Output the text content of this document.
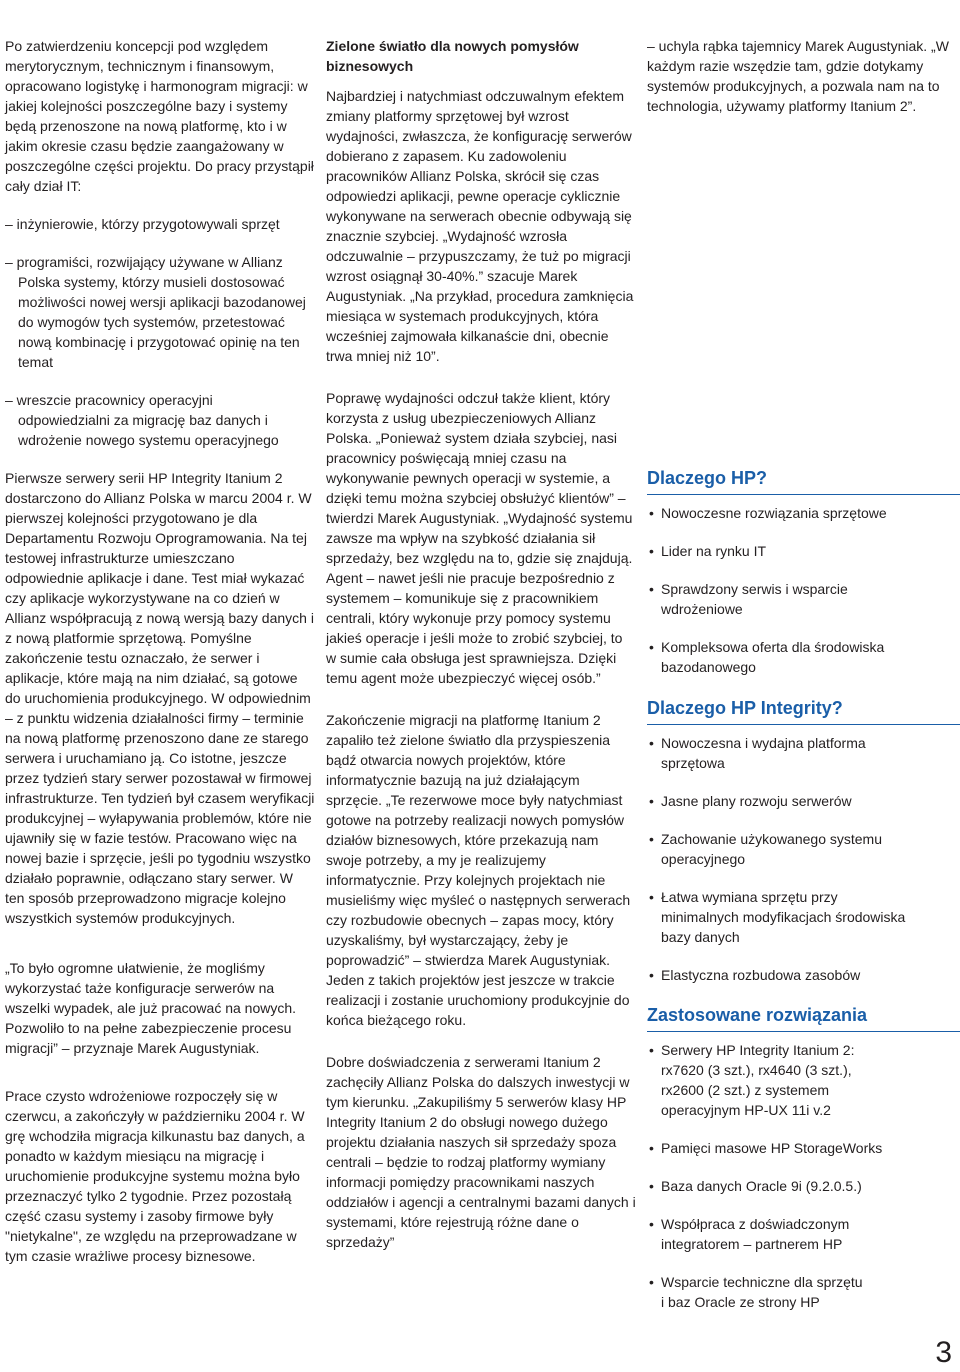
Po zatwierdzeniu koncepcji pod względem merytorycznym, technicznym i finansowym, opracowano logistykę i harmonogram migracji: w jakiej kolejności poszczególne bazy i systemy będą przenoszone na nową platformę, kto i w jakim okresie czasu będzie zaangażowany w poszczególne części projektu. Do pracy przystąpił cały dział IT:

– inżynierowie, którzy przygotowywali sprzęt

– programiści, rozwijający używane w Allianz
Polska systemy, którzy musieli dostosować możliwości nowej wersji aplikacji bazodanowej do wymogów tych systemów, przetestować nową kombinację i przygotować opinię na ten temat

– wreszcie pracownicy operacyjni
odpowiedzialni za migrację baz danych i wdrożenie nowego systemu operacyjnego

Pierwsze serwery serii HP Integrity Itanium 2 dostarczono do Allianz Polska w marcu 2004 r. W pierwszej kolejności przygotowano je dla Departamentu Rozwoju Oprogramowania. Na tej testowej infrastrukturze umieszczano odpowiednie aplikacje i dane. Test miał wykazać czy aplikacje wykorzystywane na co dzień w Allianz współpracują z nową wersją bazy danych i z nową platformie sprzętową. Pomyślne zakończenie testu oznaczało, że serwer i aplikacje, które mają na nim działać, są gotowe do uruchomienia produkcyjnego. W odpowiednim – z punktu widzenia działalności firmy – terminie na nową platformę przenoszono dane ze starego serwera i uruchamiano ją. Co istotne, jeszcze przez tydzień stary serwer pozostawał w firmowej infrastrukturze. Ten tydzień był czasem weryfikacji produkcyjnej – wyłapywania problemów, które nie ujawniły się w fazie testów. Pracowano więc na nowej bazie i sprzęcie, jeśli po tygodniu wszystko działało poprawnie, odłączano stary serwer. W ten sposób przeprowadzono migracje kolejno wszystkich systemów produkcyjnych.

„To było ogromne ułatwienie, że mogliśmy wykorzystać taże konfiguracje serwerów na wszelki wypadek, ale już pracować na nowych. Pozwoliło to na pełne zabezpieczenie procesu migracji” – przyznaje Marek Augustyniak.

Prace czysto wdrożeniowe rozpoczęły się w czerwcu, a zakończyły w październiku 2004 r. W grę wchodziła migracja kilkunastu baz danych, a ponadto w każdym miesiącu na migrację i uruchomienie produkcyjne systemu można było przeznaczyć tylko 2 tygodnie. Przez pozostałą część czasu systemy i zasoby firmowe były "nietykalne", ze względu na przeprowadzane w tym czasie wrażliwe procesy biznesowe.

Zielone światło dla nowych pomysłów biznesowych

Najbardziej i natychmiast odczuwalnym efektem zmiany platformy sprzętowej był wzrost wydajności, zwłaszcza, że konfigurację serwerów dobierano z zapasem. Ku zadowoleniu pracowników Allianz Polska, skrócił się czas odpowiedzi aplikacji, pewne operacje cyklicznie wykonywane na serwerach obecnie odbywają się znacznie szybciej. „Wydajność wzrosła odczuwalnie – przypuszczamy, że tuż po migracji wzrost osiągnął 30-40%.” szacuje Marek Augustyniak. „Na przykład, procedura zamknięcia miesiąca w systemach produkcyjnych, która wcześniej zajmowała kilkanaście dni, obecnie trwa mniej niż 10”.

Poprawę wydajności odczuł także klient, który korzysta z usług ubezpieczeniowych Allianz Polska. „Ponieważ system działa szybciej, nasi pracownicy poświęcają mniej czasu na wykonywanie pewnych operacji w systemie, a dzięki temu można szybciej obsłużyć klientów” – twierdzi Marek Augustyniak. „Wydajność systemu zawsze ma wpływ na szybkość działania sił sprzedaży, bez względu na to, gdzie się znajdują. Agent – nawet jeśli nie pracuje bezpośrednio z systemem – komunikuje się z pracownikiem centrali, który wykonuje przy pomocy systemu jakieś operacje i jeśli może to zrobić szybciej, to w sumie cała obsługa jest sprawniejsza. Dzięki temu agent może ubezpieczyć więcej osób.”

Zakończenie migracji na platformę Itanium 2 zapaliło też zielone światło dla przyspieszenia bądź otwarcia nowych projektów, które informatycznie bazują na już działającym sprzęcie. „Te rezerwowe moce były natychmiast gotowe na potrzeby realizacji nowych pomysłów działów biznesowych, które przekazują nam swoje potrzeby, a my je realizujemy informatycznie. Przy kolejnych projektach nie musieliśmy więc myśleć o następnych serwerach czy rozbudowie obecnych – zapas mocy, który uzyskaliśmy, był wystarczający, żeby je poprowadzić” – stwierdza Marek Augustyniak. Jeden z takich projektów jest jeszcze w trakcie realizacji i zostanie uruchomiony produkcyjnie do końca bieżącego roku.

Dobre doświadczenia z serwerami Itanium 2 zachęciły Allianz Polska do dalszych inwestycji w tym kierunku. „Zakupiliśmy 5 serwerów klasy HP Integrity Itanium 2 do obsługi nowego dużego projektu działania naszych sił sprzedaży spoza centrali – będzie to rodzaj platformy wymiany informacji pomiędzy pracownikami naszych oddziałów i agencji a centralnymi bazami danych i systemami, które rejestrują różne dane o sprzedaży”

– uchyla rąbka tajemnicy Marek Augustyniak. „W każdym razie wszędzie tam, gdzie dotykamy systemów produkcyjnych, a pozwala nam na to technologia, używamy platformy Itanium 2”.

Dlaczego HP?
• Nowoczesne rozwiązania sprzętowe
• Lider na rynku IT
• Sprawdzony serwis i wsparcie
wdrożeniowe
• Kompleksowa oferta dla środowiska
bazodanowego
Dlaczego HP Integrity?
• Nowoczesna i wydajna platforma
sprzętowa
• Jasne plany rozwoju serwerów
• Zachowanie użykowanego systemu
operacyjnego
• Łatwa wymiana sprzętu przy
minimalnych modyfikacjach środowiska
bazy danych
• Elastyczna rozbudowa zasobów
Zastosowane rozwiązania
• Serwery HP Integrity Itanium 2:
rx7620 (3 szt.), rx4640 (3 szt.),
rx2600 (2 szt.) z systemem
operacyjnym HP-UX 11i v.2
• Pamięci masowe HP StorageWorks
• Baza danych Oracle 9i (9.2.0.5.)
• Współpraca z doświadczonym
integratorem – partnerem HP
• Wsparcie techniczne dla sprzętu
i baz Oracle ze strony HP
3
